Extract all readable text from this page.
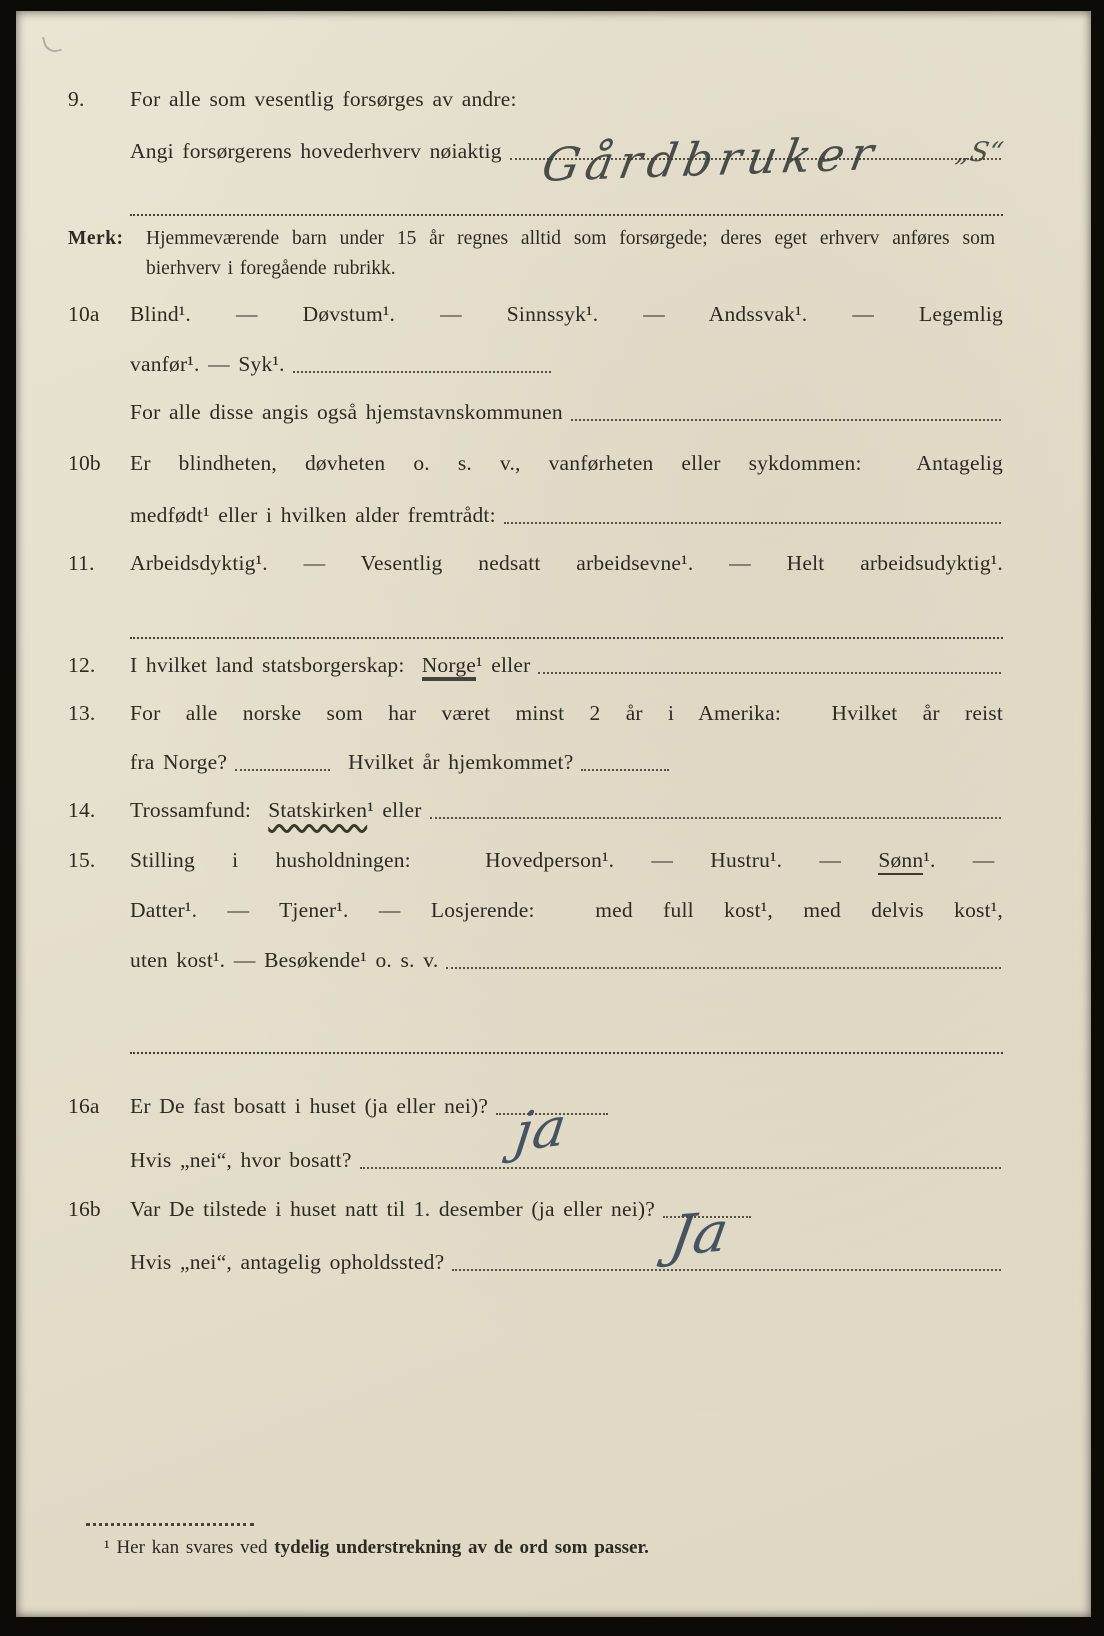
9.	For alle som vesentlig forsørges av andre:
Angi forsørgerens hovederhverv nøiaktig

Gårdbruker

	„S“

Merk:	Hjemmeværende barn under 15 år regnes alltid som forsørgede; deres eget erhverv anføres som bierhverv i foregående rubrikk.
10a	Blind¹. — Døvstum¹. — Sinnssyk¹. — Andssvak¹. — Legemlig
vanfør¹. — Syk¹.
For alle disse angis også hjemstavnskommunen
10b	Er blindheten, døvheten o. s. v., vanførheten eller sykdommen:  Antagelig
medfødt¹ eller i hvilken alder fremtrådt:
11.	Arbeidsdyktig¹. — Vesentlig nedsatt arbeidsevne¹. — Helt arbeidsudyktig¹.
12.	I hvilket land statsborgerskap:  Norge¹ eller
13.	For alle norske som har været minst 2 år i Amerika:  Hvilket år reist
fra Norge?	Hvilket år hjemkommet?
14.	Trossamfund:  Statskirken¹ eller
15.	Stilling i husholdningen:  Hovedperson¹. — Hustru¹. — Sønn¹. —
Datter¹. — Tjener¹. — Losjerende:  med full kost¹, med delvis kost¹,
uten kost¹. — Besøkende¹ o. s. v.
16a	Er De fast bosatt i huset (ja eller nei)?

ja

Hvis „nei“, hvor bosatt?
16b	Var De tilstede i huset natt til 1. desember (ja eller nei)?

Ja

Hvis „nei“, antagelig opholdssted?
¹ Her kan svares ved tydelig understrekning av de ord som passer.
